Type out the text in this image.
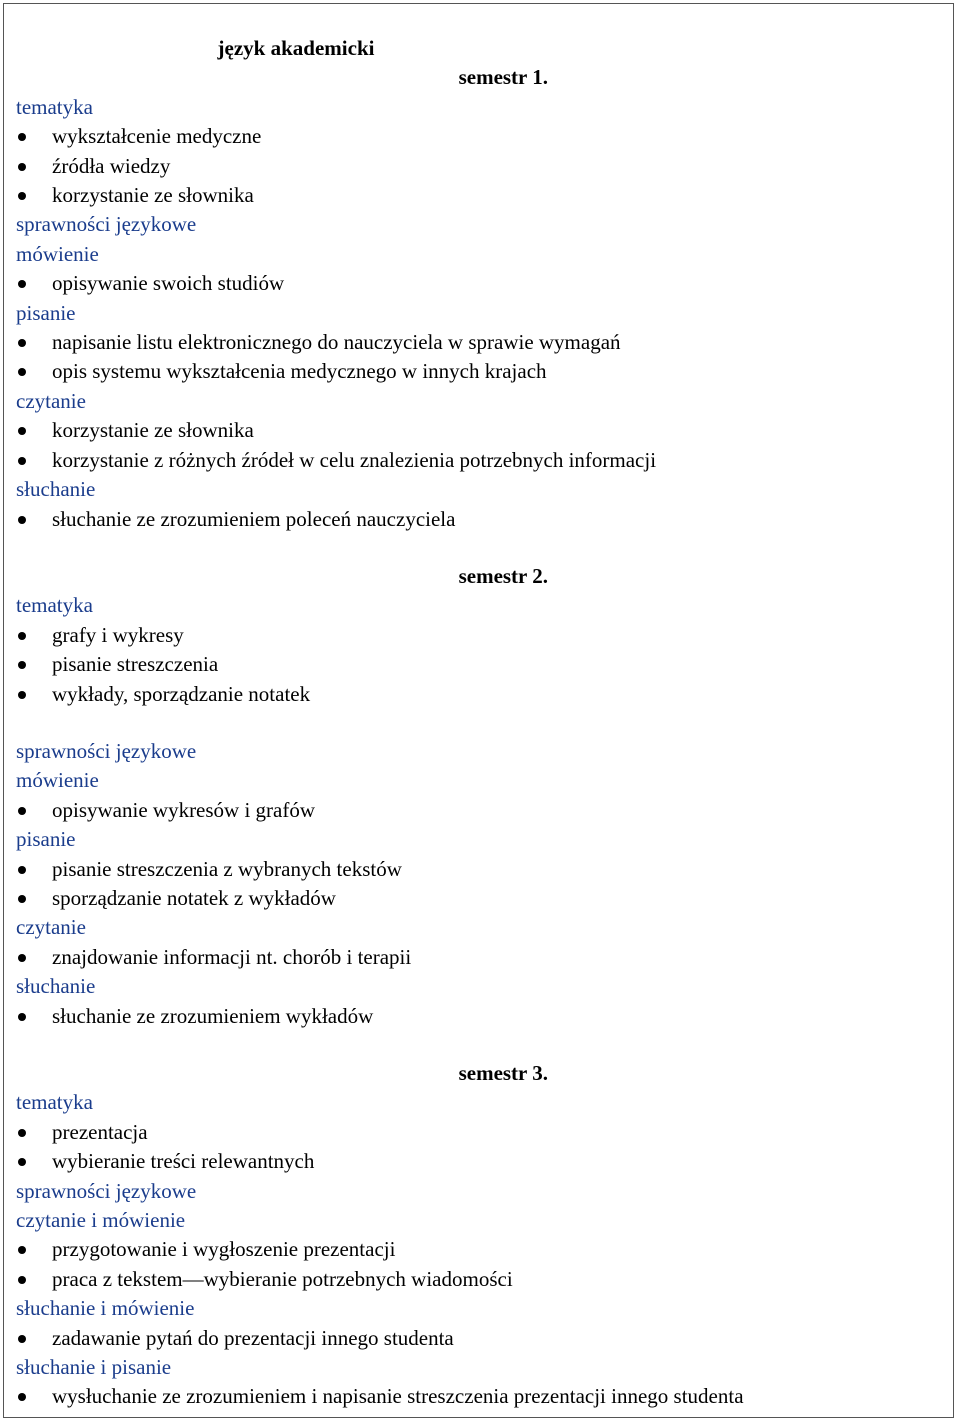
język akademicki
semestr 1.
tematyka
wykształcenie medyczne
źródła wiedzy
korzystanie ze słownika
sprawności językowe
mówienie
opisywanie swoich studiów
pisanie
napisanie listu elektronicznego do nauczyciela w sprawie wymagań
opis systemu wykształcenia medycznego w innych krajach
czytanie
korzystanie ze słownika
korzystanie z różnych źródeł w celu znalezienia potrzebnych informacji
słuchanie
słuchanie ze zrozumieniem poleceń nauczyciela
semestr 2.
tematyka
grafy i wykresy
pisanie streszczenia
wykłady, sporządzanie notatek
sprawności językowe
mówienie
opisywanie wykresów i grafów
pisanie
pisanie streszczenia z wybranych tekstów
sporządzanie notatek z wykładów
czytanie
znajdowanie informacji nt. chorób i terapii
słuchanie
słuchanie ze zrozumieniem wykładów
semestr 3.
tematyka
prezentacja
wybieranie treści relewantnych
sprawności językowe
czytanie i mówienie
przygotowanie i wygłoszenie prezentacji
praca z tekstem—wybieranie potrzebnych wiadomości
słuchanie i mówienie
zadawanie pytań do prezentacji innego studenta
słuchanie i pisanie
wysłuchanie ze zrozumieniem i napisanie streszczenia prezentacji innego studenta
